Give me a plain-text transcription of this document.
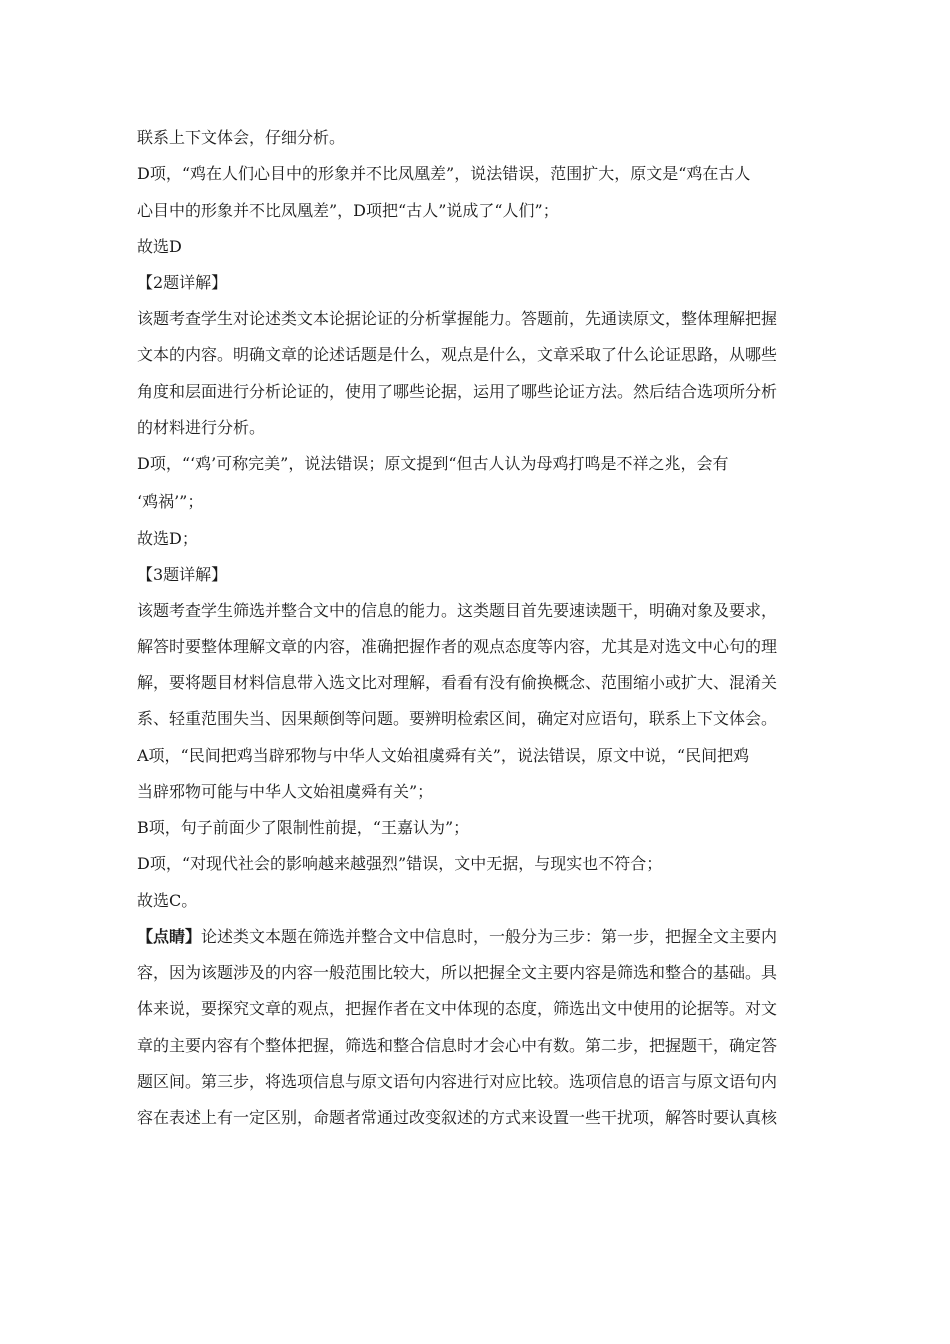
联系上下文体会，仔细分析。
D项，“鸡在人们心目中的形象并不比凤凰差”，说法错误，范围扩大，原文是“鸡在古人
心目中的形象并不比凤凰差”，D项把“古人”说成了“人们”；
故选D
【2题详解】
该题考查学生对论述类文本论据论证的分析掌握能力。答题前，先通读原文，整体理解把握
文本的内容。明确文章的论述话题是什么，观点是什么，文章采取了什么论证思路，从哪些
角度和层面进行分析论证的，使用了哪些论据，运用了哪些论证方法。然后结合选项所分析
的材料进行分析。
D项，“‘鸡’可称完美”，说法错误；原文提到“但古人认为母鸡打鸣是不祥之兆，会有
‘鸡祸’”；
故选D；
【3题详解】
该题考查学生筛选并整合文中的信息的能力。这类题目首先要速读题干，明确对象及要求，
解答时要整体理解文章的内容，准确把握作者的观点态度等内容，尤其是对选文中心句的理
解，要将题目材料信息带入选文比对理解，看看有没有偷换概念、范围缩小或扩大、混淆关
系、轻重范围失当、因果颠倒等问题。要辨明检索区间，确定对应语句，联系上下文体会。
A项，“民间把鸡当辟邪物与中华人文始祖虞舜有关”，说法错误，原文中说，“民间把鸡
当辟邪物可能与中华人文始祖虞舜有关”；
B项，句子前面少了限制性前提，“王嘉认为”；
D项，“对现代社会的影响越来越强烈”错误，文中无据，与现实也不符合；
故选C。
【点睛】论述类文本题在筛选并整合文中信息时，一般分为三步：第一步，把握全文主要内
容，因为该题涉及的内容一般范围比较大，所以把握全文主要内容是筛选和整合的基础。具
体来说，要探究文章的观点，把握作者在文中体现的态度，筛选出文中使用的论据等。对文
章的主要内容有个整体把握，筛选和整合信息时才会心中有数。第二步，把握题干，确定答
题区间。第三步，将选项信息与原文语句内容进行对应比较。选项信息的语言与原文语句内
容在表述上有一定区别，命题者常通过改变叙述的方式来设置一些干扰项，解答时要认真核
